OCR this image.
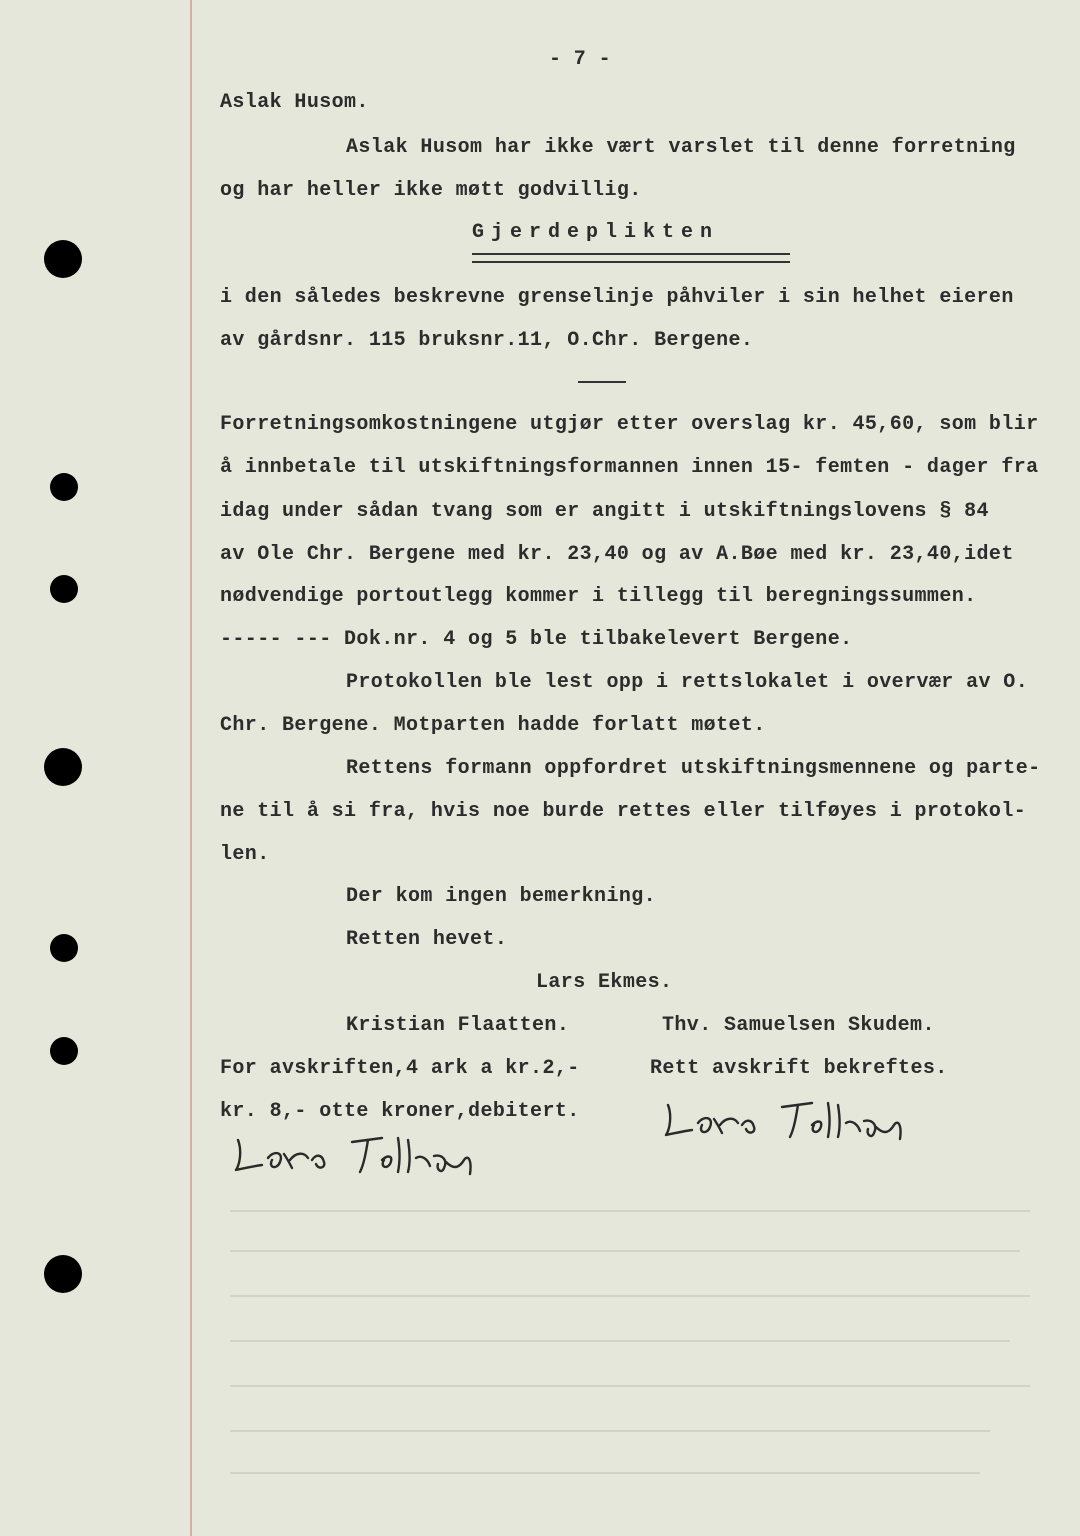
- 7 -

Aslak Husom.

Aslak Husom har ikke vært varslet til denne forretning

og har heller ikke møtt godvillig.

Gjerdeplikten

i den således beskrevne grenselinje påhviler i sin helhet eieren

av gårdsnr. 115 bruksnr.11, O.Chr. Bergene.

Forretningsomkostningene utgjør etter overslag kr. 45,60, som blir

å innbetale til utskiftningsformannen innen 15- femten - dager fra

idag under sådan tvang som er angitt i utskiftningslovens § 84

av Ole Chr. Bergene med kr. 23,40 og av A.Bøe med kr. 23,40,idet

nødvendige portoutlegg kommer i tillegg til beregningssummen.

----- --- Dok.nr. 4 og 5 ble tilbakelevert Bergene.

Protokollen ble lest opp i rettslokalet i overvær av O.

Chr. Bergene. Motparten hadde forlatt møtet.

Rettens formann oppfordret utskiftningsmennene og parte-

ne til å si fra, hvis noe burde rettes eller tilføyes i protokol-

len.

Der kom ingen bemerkning.

Retten hevet.

Lars Ekmes.

Kristian Flaatten.	Thv. Samuelsen Skudem.

For avskriften,4 ark a kr.2,-	Rett avskrift bekreftes.

kr. 8,- otte kroner,debitert.
